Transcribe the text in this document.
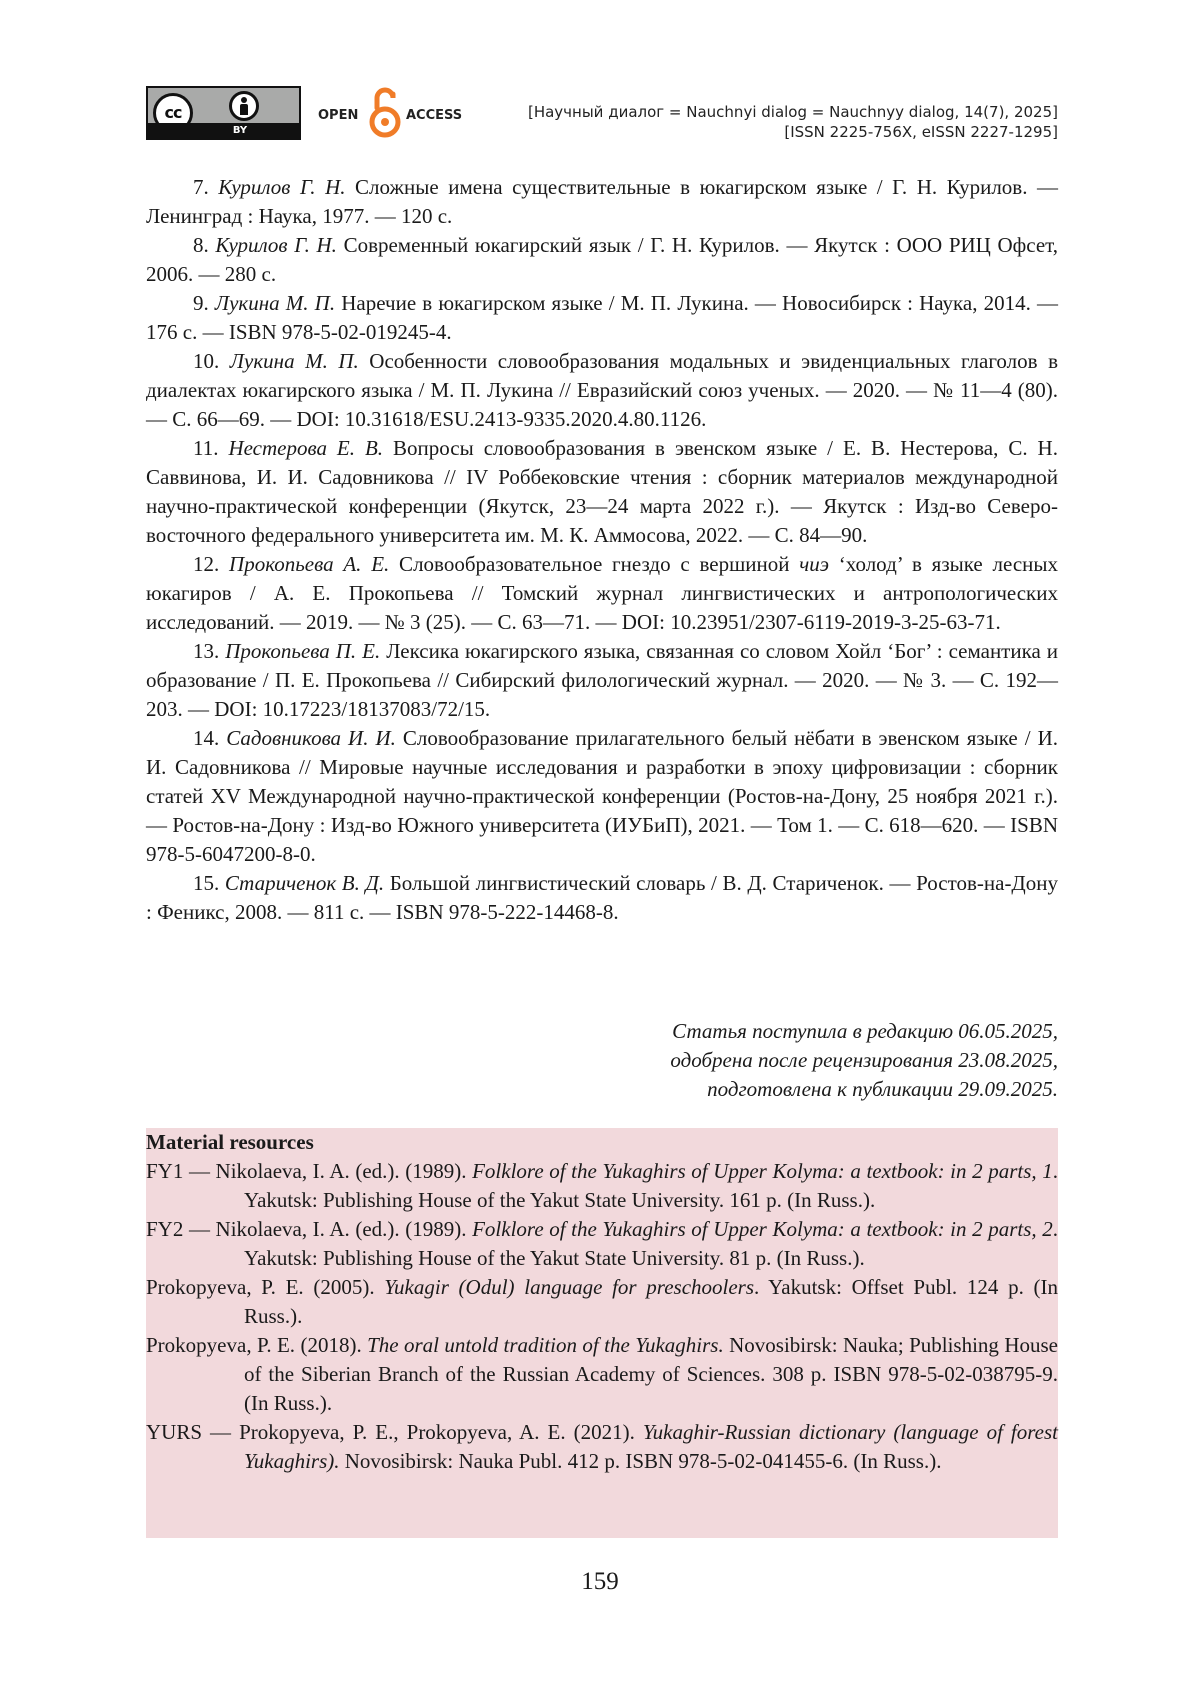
cc
BY
OPEN	ACCESS	[Научный диалог = Nauchnyi dialog = Nauchnyy dialog, 14(7), 2025]
[ISSN 2225-756X, eISSN 2227-1295]

7. Курилов Г. Н. Сложные имена существительные в юкагирском языке / Г. Н. Курилов. — Ленинград : Наука, 1977. — 120 с.

8. Курилов Г. Н. Современный юкагирский язык / Г. Н. Курилов. — Якутск : ООО РИЦ Офсет, 2006. — 280 с.

9. Лукина М. П. Наречие в юкагирском языке / М. П. Лукина. — Новосибирск : Наука, 2014. — 176 с. — ISBN 978-5-02-019245-4.

10. Лукина М. П. Особенности словообразования модальных и эвиденциальных глаголов в диалектах юкагирского языка / М. П. Лукина // Евразийский союз ученых. — 2020. — № 11—4 (80). — С. 66—69. — DOI: 10.31618/ESU.2413-9335.2020.4.80.1126.

11. Нестерова Е. В. Вопросы словообразования в эвенском языке / Е. В. Нестерова, С. Н. Саввинова, И. И. Садовникова // IV Роббековские чтения : сборник материалов международной научно-практической конференции (Якутск, 23—24 марта 2022 г.). — Якутск : Изд-во Северо-восточного федерального университета им. М. К. Аммосова, 2022. — С. 84—90.

12. Прокопьева А. Е. Словообразовательное гнездо с вершиной чиэ ‘холод’ в языке лесных юкагиров / А. Е. Прокопьева // Томский журнал лингвистических и антропологических исследований. — 2019. — № 3 (25). — С. 63—71. — DOI: 10.23951/2307-6119-2019-3-25-63-71.

13. Прокопьева П. Е. Лексика юкагирского языка, связанная со словом Хойл ‘Бог’ : семантика и образование / П. Е. Прокопьева // Сибирский филологический журнал. — 2020. — № 3. — С. 192—203. — DOI: 10.17223/18137083/72/15.

14. Садовникова И. И. Словообразование прилагательного белый нёбати в эвенском языке / И. И. Садовникова // Мировые научные исследования и разработки в эпоху цифровизации : сборник статей XV Международной научно-практической конференции (Ростов-на-Дону, 25 ноября 2021 г.). — Ростов-на-Дону : Изд-во Южного университета (ИУБиП), 2021. — Том 1. — С. 618—620. — ISBN 978-5-6047200-8-0.

15. Стариченок В. Д. Большой лингвистический словарь / В. Д. Стариченок. — Ростов-на-Дону : Феникс, 2008. — 811 с. — ISBN 978-5-222-14468-8.

Статья поступила в редакцию 06.05.2025,
одобрена после рецензирования 23.08.2025,
подготовлена к публикации 29.09.2025.

Material resources

FY1 — Nikolaeva, I. A. (ed.). (1989). Folklore of the Yukaghirs of Upper Kolyma: a textbook: in 2 parts, 1. Yakutsk: Publishing House of the Yakut State University. 161 p. (In Russ.).

FY2 — Nikolaeva, I. A. (ed.). (1989). Folklore of the Yukaghirs of Upper Kolyma: a textbook: in 2 parts, 2. Yakutsk: Publishing House of the Yakut State University. 81 p. (In Russ.).

Prokopyeva, P. E. (2005). Yukagir (Odul) language for preschoolers. Yakutsk: Offset Publ. 124 p. (In Russ.).

Prokopyeva, P. E. (2018). The oral untold tradition of the Yukaghirs. Novosibirsk: Nauka; Publishing House of the Siberian Branch of the Russian Academy of Sciences. 308 p. ISBN 978-5-02-038795-9. (In Russ.).

YURS — Prokopyeva, P. E., Prokopyeva, A. E. (2021). Yukaghir-Russian dictionary (language of forest Yukaghirs). Novosibirsk: Nauka Publ. 412 p. ISBN 978-5-02-041455-6. (In Russ.).

159
